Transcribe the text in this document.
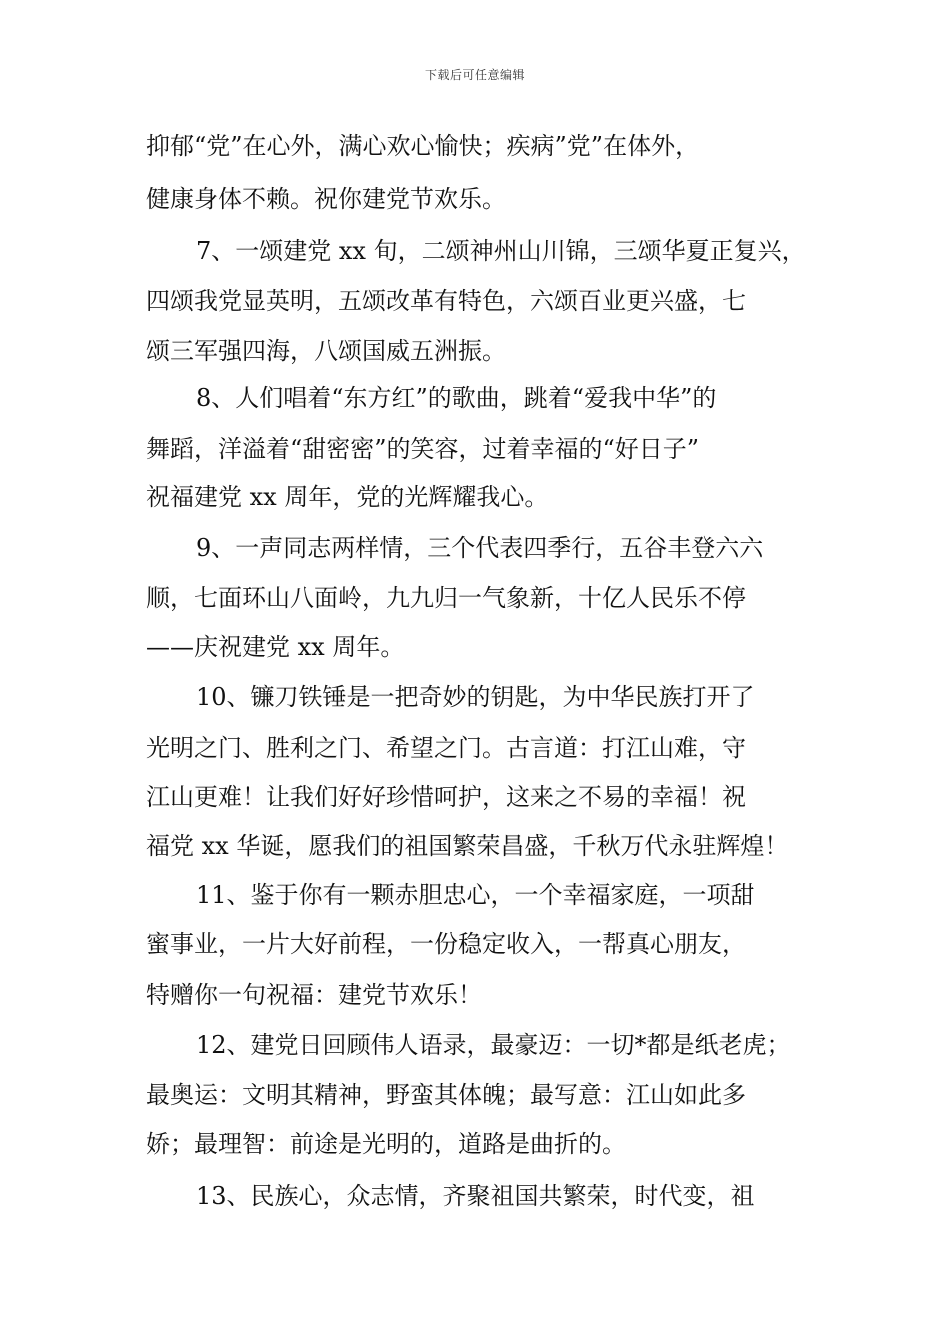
下载后可任意编辑
抑郁“党”在心外，满心欢心愉快；疾病”党”在体外，
健康身体不赖。祝你建党节欢乐。
7、一颂建党 xx 旬，二颂神州山川锦，三颂华夏正复兴，
四颂我党显英明，五颂改革有特色，六颂百业更兴盛，七
颂三军强四海，八颂国威五洲振。
8、人们唱着“东方红”的歌曲，跳着“爱我中华”的
舞蹈，洋溢着“甜密密”的笑容，过着幸福的“好日子”
祝福建党 xx 周年，党的光辉耀我心。
9、一声同志两样情，三个代表四季行，五谷丰登六六
顺，七面环山八面岭，九九归一气象新，十亿人民乐不停
——庆祝建党 xx 周年。
10、镰刀铁锤是一把奇妙的钥匙，为中华民族打开了
光明之门、胜利之门、希望之门。古言道：打江山难，守
江山更难！让我们好好珍惜呵护，这来之不易的幸福！祝
福党 xx 华诞，愿我们的祖国繁荣昌盛，千秋万代永驻辉煌！
11、鉴于你有一颗赤胆忠心，一个幸福家庭，一项甜
蜜事业，一片大好前程，一份稳定收入，一帮真心朋友，
特赠你一句祝福：建党节欢乐！
12、建党日回顾伟人语录，最豪迈：一切*都是纸老虎；
最奥运：文明其精神，野蛮其体魄；最写意：江山如此多
娇；最理智：前途是光明的，道路是曲折的。
13、民族心，众志情，齐聚祖国共繁荣，时代变，祖
